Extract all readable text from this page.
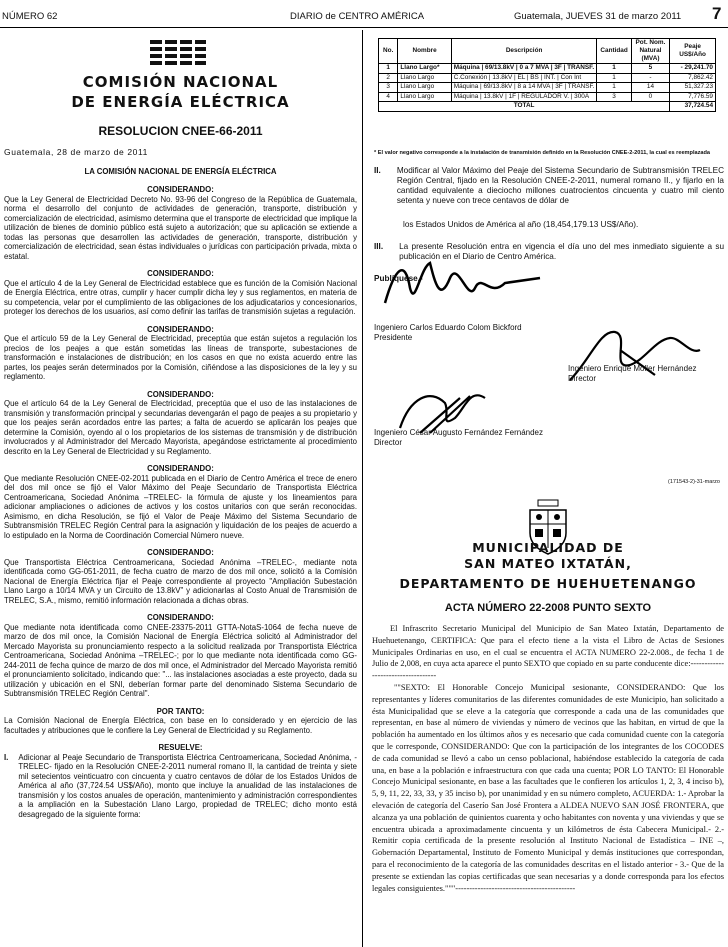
NÚMERO 62	DIARIO de CENTRO AMÉRICA	Guatemala, JUEVES 31 de marzo 2011 7
COMISIÓN NACIONAL
DE ENERGÍA ELÉCTRICA
RESOLUCION CNEE-66-2011
Guatemala, 28 de marzo de 2011
LA COMISIÓN NACIONAL DE ENERGÍA ELÉCTRICA
CONSIDERANDO:

Que la Ley General de Electricidad Decreto No. 93-96 del Congreso de la República de Guatemala, norma el desarrollo del conjunto de actividades de generación, transporte, distribución y comercialización de electricidad, asimismo determina que el transporte de electricidad que implique la utilización de bienes de dominio público está sujeto a autorización; que su aplicación se extiende a todas las personas que desarrollen las actividades de generación, transporte, distribución y comercialización de electricidad, sean éstas individuales o jurídicas con participación privada, mixta o estatal.

CONSIDERANDO:

Que el artículo 4 de la Ley General de Electricidad establece que es función de la Comisión Nacional de Energía Eléctrica, entre otras, cumplir y hacer cumplir dicha ley y sus reglamentos, en materia de su competencia, velar por el cumplimiento de las obligaciones de los adjudicatarios y concesionarios, proteger los derechos de los usuarios, así como definir las tarifas de transmisión sujetas a regulación.

CONSIDERANDO:

Que el artículo 59 de la Ley General de Electricidad, preceptúa que están sujetos a regulación los precios de los peajes a que están sometidas las líneas de transporte, subestaciones de transformación e instalaciones de distribución; en los casos en que no exista acuerdo entre las partes, los peajes serán determinados por la Comisión, ciñéndose a las disposiciones de la ley y su reglamento.

CONSIDERANDO:

Que el artículo 64 de la Ley General de Electricidad, preceptúa que el uso de las instalaciones de transmisión y transformación principal y secundarias devengarán el pago de peajes a su propietario y que los peajes serán acordados entre las partes; a falta de acuerdo se aplicarán los peajes que determine la Comisión, oyendo al o los propietarios de los sistemas de transmisión y de distribución involucrados y al Administrador del Mercado Mayorista, apegándose estrictamente al procedimiento descrito en la Ley General de Electricidad y su Reglamento.

CONSIDERANDO:

Que mediante Resolución CNEE-02-2011 publicada en el Diario de Centro América el trece de enero del dos mil once se fijó el Valor Máximo del Peaje Secundario de Transportista Eléctrica Centroamericana, Sociedad Anónima –TRELEC- la fórmula de ajuste y los lineamientos para adicionar ampliaciones o adiciones de activos y los costos unitarios con que serán reconocidas. Asimismo, en dicha Resolución, se fijó el Valor de Peaje Máximo del Sistema Secundario de Subtransmisión TRELEC Región Central para la asignación y liquidación de los peajes de acuerdo a lo estipulado en la Norma de Coordinación Comercial Número nueve.

CONSIDERANDO:

Que Transportista Eléctrica Centroamericana, Sociedad Anónima –TRELEC-, mediante nota identificada como GG-051-2011, de fecha cuatro de marzo de dos mil once, solicitó a la Comisión Nacional de Energía Eléctrica fijar el Peaje correspondiente al proyecto "Ampliación Subestación Llano Largo a 10/14 MVA y un Circuito de 13.8kV" y adicionarlas al Costo Anual de Transmisión de TRELEC, S.A., mismo, remitió información relacionada a dichas obras.

CONSIDERANDO:

Que mediante nota identificada como CNEE-23375-2011 GTTA-NotaS-1064 de fecha nueve de marzo de dos mil once, la Comisión Nacional de Energía Eléctrica solicitó al Administrador del Mercado Mayorista su pronunciamiento respecto a la solicitud realizada por Transportista Eléctrica Centroamericana, Sociedad Anónima –TRELEC-; por lo que mediante nota identificada como GG-244-2011 de fecha quince de marzo de dos mil once, el Administrador del Mercado Mayorista remitió el pronunciamiento solicitado, indicando que: "... las instalaciones asociadas a este proyecto, dada su utilización y ubicación en el SNI, deberían formar parte del denominado Sistema Secundario de Subtransmisión TRELEC Región Central".

POR TANTO:

La Comisión Nacional de Energía Eléctrica, con base en lo considerado y en ejercicio de las facultades y atribuciones que le confiere la Ley General de Electricidad y su Reglamento.

RESUELVE:
I. Adicionar al Peaje Secundario de Transportista Eléctrica Centroamericana, Sociedad Anónima, -TRELEC- fijado en la Resolución CNEE-2-2011 numeral romano II, la cantidad de treinta y siete mil setecientos veinticuatro con cincuenta y cuatro centavos de dólar de los Estados Unidos de América al año (37,724.54 US$/Año), monto que incluye la anualidad de las instalaciones de transmisión y los costos anuales de operación, mantenimiento y administración correspondientes a la ampliación en la Subestación Llano Largo, propiedad de TRELEC; dicho monto está desagregado de la siguiente forma:

No.	Nombre	Descripción	Cantidad	Pot. Nom. Natural (MVA)	Peaje US$/Año
1	Llano Largo*	Máquina | 69/13.8kV | 0 a 7 MVA | 3F | TRANSF.	1	5	- 29,241.70
2	Llano Largo	C.Conexión | 13.8kV | EL | BS | INT. | Con Int	1	-	7,862.42
3	Llano Largo	Máquina | 69/13.8kV | 8 a 14 MVA | 3F | TRANSF.	1	14	51,327.23
4	Llano Largo	Máquina | 13.8kV | 1F | REGULADOR V. | 300A	3	0	7,776.59
TOTAL					37,724.54
* El valor negativo corresponde a la instalación de transmisión definido en la Resolución CNEE-2-2011, la cual es reemplazada
II. Modificar al Valor Máximo del Peaje del Sistema Secundario de Subtransmisión TRELEC Región Central, fijado en la Resolución CNEE-2-2011, numeral romano II., y fijarlo en la cantidad equivalente a dieciocho millones cuatrocientos cincuenta y cuatro mil ciento setenta y nueve con trece centavos de dólar de

los Estados Unidos de América al año (18,454,179.13 US$/Año).

III. La presente Resolución entra en vigencia el día uno del mes inmediato siguiente a su publicación en el Diario de Centro América.

Publíquese.-
Ingeniero Carlos Eduardo Colom Bickford
Presidente
Ingeniero Enrique Moller Hernández
Director
Ingeniero César Augusto Fernández Fernández
Director
(171543-2)-31-marzo
MUNICIPALIDAD DE
SAN MATEO IXTATÁN,
DEPARTAMENTO DE HUEHUETENANGO
ACTA NÚMERO 22-2008 PUNTO SEXTO

El Infrascrito Secretario Municipal del Municipio de San Mateo Ixtatán, Departamento de Huehuetenango, CERTIFICA: Que para el efecto tiene a la vista el Libro de Actas de Sesiones Municipales Ordinarias en uso, en el cual se encuentra el ACTA NUMERO 22-2.008., de fecha 1 de Julio de 2,008, en cuya acta aparece el punto SEXTO que copiado en su parte conducente dice:-----------------------------------

""SEXTO: El Honorable Concejo Municipal sesionante, CONSIDERANDO: Que los representantes y líderes comunitarios de las diferentes comunidades de este Municipio, han solicitado a ésta Municipalidad que se eleve a la categoría que corresponde a cada una de las comunidades que representan, en base al número de viviendas y número de vecinos que las habitan, en virtud de que la población ha aumentado en los últimos años y es necesario que cada comunidad cuente con la categoría que le corresponde, CONSIDERANDO: Que con la participación de los integrantes de los COCODES de cada comunidad se llevó a cabo un censo poblacional, habiéndose establecido la categoría de cada una, en base a la población e infraestructura con que cada una cuenta; POR LO TANTO: El Honorable Concejo Municipal sesionante, en base a las facultades que le confieren los artículos 1, 2, 3, 4 inciso b), 5, 9, 11, 22, 33, 33, y 35 inciso b), por unanimidad y en su número completo, ACUERDA: 1.- Aprobar la elevación de categoría del Caserío San José Frontera a ALDEA NUEVO SAN JOSÉ FRONTERA, que alcanza ya una población de quinientos cuarenta y ocho habitantes con noventa y una viviendas y que se encuentra ubicada a aproximadamente cincuenta y un kilómetros de ésta Cabecera Municipal.- 2.- Remitir copia certificada de la presente resolución al Instituto Nacional de Estadística – INE –, Gobernación Departamental, Instituto de Fomento Municipal y demás instituciones que correspondan, para el reconocimiento de la categoría de las comunidades descritas en el listado anterior - 3.- Que de la presente se extiendan las copias certificadas que sean necesarias y a donde corresponda para los efectos legales consiguientes."""-------------------------------------------
